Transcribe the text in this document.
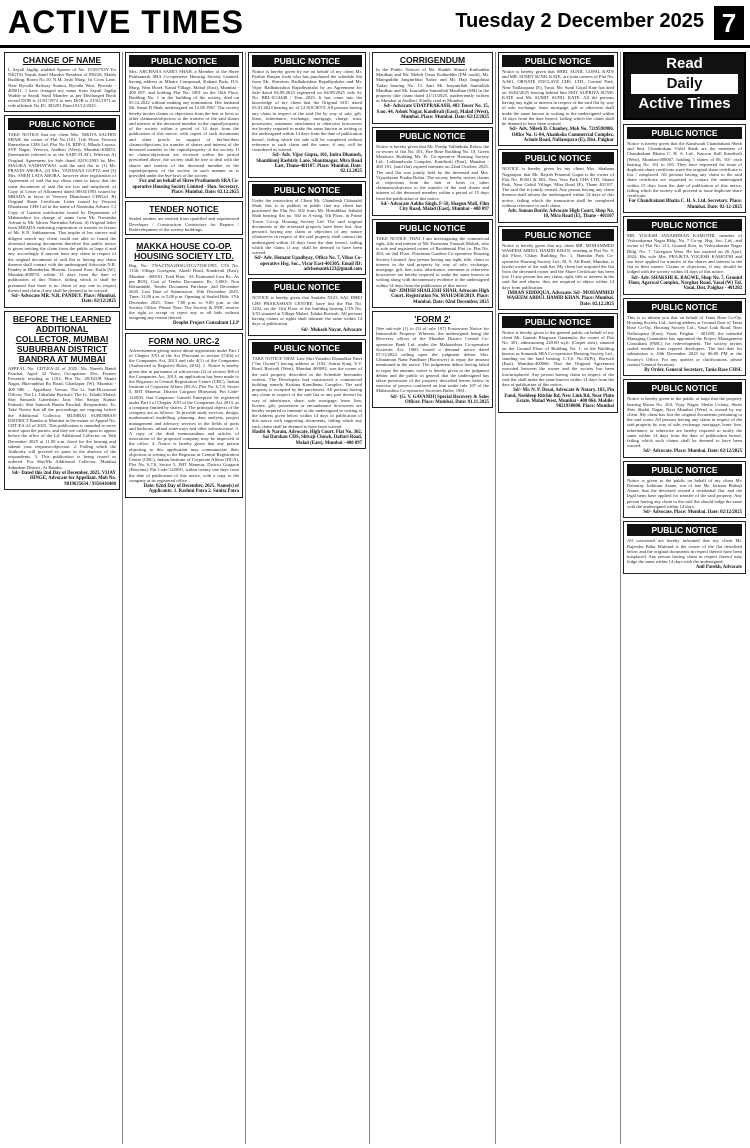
ACTIVE TIMES	Tuesday 2 December 2025 7
CHANGE OF NAME
I, Sayali Jagdip wadded Spouse of No. 15105753Y Ex NK(TS) Nayak Sunil Mandve Resident of 830/28, Malda Building, Room No.10, N.M. Joshi Marg, 1st Cross Lane, Near Byculla Railway Station, Byculla West, Pincode - 400011. I have changed my name from Sayali Jagdip Wadde to Sayali Sunil Mandve as per Discharged Book record DOB is 21/01/1972 to new DOB is 21/01/1971 as vide affidavit No EG 383291 Dated 01/12/2025.
PUBLIC NOTICE
TAKE NOTICE that my client Mrs. NIKITA SACHIN SHAH, the owner of Flat No.1101, 11th Floor, Versova Rameshwar CHS Ltd, Plot No.10, RDP-2, Mhada Layout, SVP Nagar, Versova, Andheri (West), Mumbai-400053, (hereinafter referred to as the SAID FLAT). Whereas A) Original Agreement for Sale dated 02/01/2003 by Mrs. MALIKA SADHAYWAL sold the said flat to (1) Mr. PRAVIN ARORA, (2) Mrs. VANDANA GUPTA and (3) Mrs. SNEH LATA ARORA, however after registration of Agreement of said flat my client came to know that the some documents of said flat are lost and misplaced. a) Copy of Letter of Allotment dated 08/04/1993 issued by MHADA in favor of Versova Dhanlaxmi CHSLtd. B) Original Share Certificate Letter issued by Versova Dhanlaxmi CHS Ltd in the name of Narsimha Advani. C) Copy of Gazette notification issued by Department of Maharashtra for change of name from Mr. Narsimha Advani to Mr. Ishwar Narsimha Advani. d) Original letter from MHADA endorsing registration of transfer in favour of Mr. K.N. Subbaraman. That inspite of her sincere and diligent search my client could not able to found the aforesaid missing documents therefore this public notice is given inviting the claim from the public at large if and any, accordingly if anyone have any claim in respect of the original documents of said flat or having any claim thereon shall contact with the undersigned Advocate N.R. Pandey at Bhandarkar Bhavan, Ground floor, Kurla (W), Mumbai-400070, within 15 days from the date of publication of this Notice, failing which it shall be presumed that there is no claim of any one in respect thereof and claim if any shall be deemed to be waived.
Sd/- Advocate MR. N.R. PANDEY. Place: Mumbai. Date: 02/12/2025
BEFORE THE LEARNED ADDITIONAL COLLECTOR, MUMBAI SUBURBAN DISTRICT BANDRA AT MUMBAI
APPEAL No. CDT/EA-22 of 2025. Mr. Naresh Bandi Panchal, Aged: 32 Years, Occupation: Doc. Former Presently residing at 1102, Plot No. 28/103/B Shanti Nagar, Bhavanbhai Ro Road, Ghatkopar (W), Mumbai - 400 086 ... Appellant. Versus: The Lt. Sub-Divisional Officer; The Lt. Tahsildar Borivali; The Lt. Talathi Malad; Shri Samarth Ganeshrao Jain; Shri Sanjay Kumar Prakash; Shri Santosh Bandu Panchal; Respondents. To, Take Notice that all the proceedings are ongoing before the Additional Collector, MUMBAI SUBURBAN DISTRICT Bandra at Mumbai in the matter of Appeal No. CDT/EA-22 of 2025. This publication is intended to serve notice upon the parties, and they are called upon to appear before the office of the Ld. Additional Collector on 16th December 2025 at 11.00 a.m. fixed for the hearing and submit your response/objection. 2. Failing which the Authority will proceed ex parte in the absence of the respondents. 3. This publication is being issued as ordered. For Shri/Ms Additional Collector, Mumbai Suburban District, At Bandra.
Sd/- Dated this 2nd Day of December, 2025. VIJAY HINGE, Advocate for Appellant. Mob No. 9819635634 / 9356416400
PUBLIC NOTICE
Mrs. ARCHANA SAMIT SHAH, a Member of the Shree Prathamesh SRA Co-operative Housing Society Limited, having address at Mhatre Compound, Kokani Pada, D.S. Marg, Near Hotel, Kanal Village, Malad (East), Mumbai - 400 097, and holding Flat No. 1001 on the 10th Floor, Building No. 1 in the building of the society, died on 05.12.2022 without making any nomination. Her husband Mr. Samit B Shah, undersigned on 12.08.1967. The society hereby invites claims or objections from the heir or heirs or other claimants/objectors to the transfer of the said shares and interest of the deceased member in the capital/property of the society within a period of 14 days from the publication of this notice, with copies of such documents and other proofs in support of his/her/their claims/objections for transfer of shares and interest of the deceased member in the capital/property of the society. If no claims/objections are received within the period prescribed above, the society shall be free to deal with the shares and interest of the deceased member in the capital/property of the society in such manner as is provided under the bye-laws of the society.
For and on behalf of Shree Prathamesh SRA Co-operative Housing Society Limited - Hon. Secretary. Place: Mumbai. Date: 02.12.2025
TENDER NOTICE
Sealed tenders are invited from qualified and experienced Developer / Construction Contractors for Repairs / Redevelopment of the society buildings.
MAKKA HOUSE CO-OP. HOUSING SOCIETY LTD.
Reg. No.: TNA/(TNA)/HSG/(TC)/7358/1995. CTS No. 1136, Village Goregaon, Akurli Road, Kandivali (East), Mumbai - 400101. Total Flats - 43. Estimated Cost Rs.: As per BOQ. Cost of Tender Document: Rs. 5,000/- Non Refundable. Tender Document Purchase: 2nd December 2025. Last Date of Submission: 16th December 2025, Time: 11.00 a.m. to 5.00 p.m. Opening of Sealed Bids: 17th December 2025, Time: 7.00 p.m. to 9.00 p.m. at the Society Office. Please Note: The Society & PMC reserve the right to accept or reject any or all bids without assigning any reason thereof.
Droplet Project Consultant LLP
FORM NO. URC-2
Advertisement giving notice about registration under Part I of Chapter XXI of the Act [Pursuant to section 374(b) of the Companies Act, 2013 and rule 4(1) of the Companies (Authorised to Register) Rules, 2014]. 1. Notice is hereby given that in pursuance of sub-section (2) of section 366 of the Companies Act, 2013, an application has been made to the Registrar at Central Registration Centre (CRC), Indian Institute of Corporate Affairs (IICA), Plot No. 6,7,8, Sector 5, IMT Manesar, District Gurgaon (Haryana), Pin Code-122050, that Ganpatrao Ganesh Enterprise be registered under Part I of Chapter XXI of the Companies Act 2013, as a company limited by shares. 2. The principal objects of the company are as follows: To provide study services, design, mathematical modelling, planning, data analysis, project management and advisory services in the fields of ports and harbours, inland waterways and other infrastructure. 3. A copy of the draft memorandum and articles of association of the proposed company may be inspected at the office. 4. Notice is hereby given that any person objecting to this application may communicate their objection in writing to the Registrar at Central Registration Centre (CRC), Indian Institute of Corporate Affairs (IICA), Plot No. 6,7,8, Sector 5, IMT Manesar, District Gurgaon (Haryana), Pin Code-122050, within twenty one days from the date of publication of this notice, with a copy to the company at its registered office.
Date: 02nd Day of December, 2025. Name(s) of Applicants: 1. Rashmi Patra 2. Sunita Patra
PUBLIC NOTICE
Notice is hereby given by me on behalf of my client Mr. Parthiv Ranjan Joshi who has purchased the schedule flat from Mr. Shrinivas Radhakrishna Rajadhyaksha and Mr. Vijay Radhakrishna Rajadhyaksha by an Agreement for Sale dated 04.09.2023 registered on 04/09/2025 vide Sr. No. BRL-8/14448 / Year 2025. It has come into the knowledge of my client that the Original SOC dated 03.01.2023 bearing no. of 12 SOCIETY. All persons having any claim in respect of the said flat by way of sale, gift, lease, inheritance, exchange, mortgage, charge, trust, possession, easement, attachment or otherwise howsoever are hereby required to make the same known in writing to the undersigned within 14 days from the date of publication hereof, failing which the sale will be completed without reference to such claim and the same, if any, will be considered as waived.
Sd/- Adv. Vijay Gupta, 101, Indra Dhanush, Shantikunj Rashtriy Lane, Shantinagar, Mira Road East, Thane-401107. Place: Mumbai. Date: 02.12.2025
PUBLIC NOTICE
Under the instruction of Client Mr. Chandresh Chhotalal Shah, this is to publish in public that my client has purchased the Flat No. 502 from Mr. Hiteshbhai Jethalal Shah bearing flat no. 502 in A-wing, 5th Floor, in Prime Tower Co-op. Housing Society Ltd. The said original documents of the aforesaid property have been lost. Any person/s having any claim or objection of any nature whatsoever in respect of the said property shall contact the undersigned within 14 days from the date hereof, failing which the claim, if any, shall be deemed to have been waived.
Sd/- Adv. Hemant Upadhyay, Office No. 7, Vikas Co-operative Hsg. Soc., Virar East-401305. Email ID: advhemantk123@gmail.com
PUBLIC NOTICE
NOTICE is hereby given that Sunlabs NGO, SAL DHEJ CHS PRAKASHAN CENTRE, have lost the Flat No. 1202, on the 12th Floor of the building bearing CTS No. 3/53 situated at Village Malad, Taluka Borivali. All persons having claims or rights shall intimate the same within 14 days of publication.
Sd/- Mukesh Nayar, Advocate
PUBLIC NOTICE
TAKE NOTICE THAT Late Shri Vasudeo Khanolkar Patel ("the Owner") having address at 1102, Amrut Kunj, S.V. Road, Borivali (West), Mumbai 400092, was the owner of the said property described in the Schedule hereunder written. The Developers had constructed a commercial building namely Krishna Kamdhenu Complex. The said property is occupied by the purchasers. All persons having any claim in respect of the said flat or any part thereof by way of inheritance, share, sale, mortgage, lease, lien, license, gift, possession or encumbrance howsoever are hereby required to intimate to the undersigned in writing at the address given below within 14 days of publication of this notice with supporting documents, failing which any such claim shall be deemed to have been waived.
Hasibi & Narain, Advocate, High Court. Flat No. 302, Sai Darshan CHS, Shivaji Chowk, Daftari Road, Malad (East), Mumbai - 400 097
CORRIGENDUM
In the Public Notices of Mr. Shaikh Ahmad Kutbuddin Mardhan and Mr. Mehdi Umar Kutbuddin (FM north), Mr. Maingaddin Janghirbhai Yadav and Mr. Haji Jangirbhai Yadav bearing No. 13, Anri Mr. Inayatullah Samiullah Mardhan and Mr. Inuruddin Samiullah Mardhan (SM) in the property title claim dated 21/11/2025, inadvertently written as Mumbai at Andheri. Kindly read as Mumbai.
Sd/- Advocate UDAYPRAKASH, 403 Tower No. 15, S.no. 44, Ashok Nagar, Kandivali (East), Malad (West), Mumbai. Place: Mumbai. Date: 02/12/2025
PUBLIC NOTICE
Notice is hereby given that Mr. Pradip Vallabhdas Rohra, the co-owner of flat No. 101, Fire Rose Building No. 10, Green Meadows Building Mr. Ft. Co-operative Housing Society Ltd., Lokhandwala Complex, Kandivali (East), Mumbai - 400 101, (said flat) expired intestate on 22nd October, 2025. The said flat was jointly held by the deceased and Mrs. Vijayalaxmi Pradip Rohra. The society hereby invites claims or objections from the heir or heirs or other claimants/objectors to the transfer of the said shares and interest of the deceased member within a period of 15 days from the publication of this notice.
Sd/- Advocate Aabha Singh, F-50, Shagun Mall, Film City Road, Malad (East), Mumbai - 400 097
PUBLIC NOTICE
TAKE NOTICE THAT I am investigating the commercial right, title and interest of Mr. Pournima Vinayak Mohak, who is sole and registered owner of Residential Flat i.e. Flat No. 204, on 2nd Floor, Pournima Gardens Co-operative Housing Society Limited. Any person having any right, title, claim or interest in the said property by way of sale, exchange, mortgage, gift, lien, trust, inheritance, easement or otherwise howsoever are hereby required to make the same known in writing along with documentary evidence to the undersigned within 14 days from the publication of this notice.
Sd/- JIMISH SHAILESH SHAH, Advocate High Court, Registration No. MAH/2458/2019. Place: Mumbai. Date: 02nd December, 2025
'FORM 2'
[See sub-rule (1) to (3) of rule 107] Possession Notice for Immovable Property. Whereas, the undersigned being the Recovery officer of the Mumbai District Central Co-operative Bank Ltd. under the Maharashtra Co-operative Societies Act, 1960, issued a demand notice dated 07/11/2024 calling upon the judgment debtor Shri. Chintaman Nana Pandhare (Borrower) to repay the amount mentioned in the notice. The judgement debtor having failed to repay the amount, notice is hereby given to the judgment debtor and the public in general that the undersigned has taken possession of the property described herein below in exercise of powers conferred on him under rule 107 of the Maharashtra Co-operative Societies Rules, 1961.
Sd/- (G. V. GAVANDI) Special Recovery & Sales Officer. Place: Mumbai. Date: 01.11.2025
PUBLIC NOTICE
Notice is hereby given that SHRI. SUNIL GOPAL KATE and MR. SUMIT SUNIL KATE, are joint owners of Flat No. A/601, ORNATE ENCLAVE CHS. LTD., Central Park, Near Nallasopara (E), Vasai. Mr. Sunil Gopal Kate has died on 16/02/2025 leaving behind him SMT. SUPRIYA SUNIL KATE and Mr. SUMIT SUNIL KATE. All the persons having any right or interest in respect of the said flat by way of sale, exchange, lease, mortgage, gift or otherwise shall make the same known in writing to the undersigned within 14 days from the date hereof, failing which the claim shall be deemed to have been waived.
Sd/- Adv. Nilesh D. Chaubey, Mob No. 7219590986. Office No. G-04, Akanksha Commercial Complex, Achole Road, Nallasopara (E), Dist. Palghar
PUBLIC NOTICE
NOTICE is hereby given by my client Mrs. Shabana Nagarajan, that Mr. Rajesh Pranaval Gupta is the owner of Flat No. B-801 & 802, New Vera Park CHS LTD, Shanti Park, Near Gokul Village, Mira Road (E), Thane 401107. The said flat is jointly owned. Any person having any claim thereon shall inform the undersigned within 14 days of this notice, failing which the transaction shall be completed without reference to such claim.
Adv. Suman Burde, Advocate High Court, Shop No. 10, Mira Road (E), Thane - 401107
PUBLIC NOTICE
Notice is hereby given that my client MR. MOHAMMED WASEEM ABDUL HAMID KHAN, residing at Flat No. 9, 4th Floor, Chhay Building No. 1, Hamdan Park Co-operative Housing Society Ltd., M. S. Ali Road, Mumbai, is lawful owner of the said flat. My client has acquired the flat from the deceased owner and the Share Certificate has been lost. If any person has any claim, right, title or interest in the said flat and shares, they are required to object within 14 days from publication.
IMRAN SIDDIQUA, Advocate. Sd/- MOHAMMED WASEEM ABDUL HAMID KHAN. Place: Mumbai. Date: 02.12.2025
PUBLIC NOTICE
Notice is hereby given to the general public on behalf of my client Mr. Ganesh Bhagwan Ganamula, the owner of Flat No. 301, admeasuring 220.00 sq.ft. (Carpet area), situated on the Ground Floor of Building No. 1, in the Building known as Somnath SRA Co-operative Housing Society Ltd., standing on the land bearing C.T.S. No.33(Pt), Borivali (East), Mumbai-400066. That the Original Agreement executed between the owner and the society has been lost/misplaced. Any person having claim in respect of the said flat shall make the same known within 14 days from the date of publication of this notice.
Sd/- Mr. N. P. Desai, Advocate & Notary. 103, Pin Fund, Neeldeep Ritchie Rd, New Link Rd, Near Pinto Estate, Malad West, Mumbai - 400 064. Mobile: 9821930000. Place: Mumbai
PUBLIC NOTICE
Notice is hereby given that the Kantiwadi Chandrakant Sheth and Smt. Chandrakant Virlal Sheth are the members of Chandrakant Bhatia C. H. S. Ltd., Kanwar Kall Kandivali (West), Mumbai-400067, holding 5 shares of Rs. 50/- each bearing No. 161 to 165. They have requested for issue of duplicate share certificate since the original share certificate is lost / misplaced. All persons having any claim to the said share certificate are requested to contact the undersigned within 15 days from the date of publication of this notice, failing which the society will proceed to issue duplicate share certificate.
For Chandrakant Bhatia C. H. S. Ltd. Secretary. Place: Mumbai. Date: 02-12-2025
PUBLIC NOTICE
MR. YOGESH JANARDHAN KAMOTHI, member of Vishwakarma Nagar Bldg. No. 7 Co-op. Hsg. Soc. Ltd., and owner of Flat No. 213, Ground floor, in Vishwakarma Nagar Bldg. No. 7, Goregaon West. He has expired on 26 April, 2024. His wife Mrs. PRAJKTA YOGESH KAMOTHI and son have applied for transfer of the shares and interest in the flat in their names. Claims or objections, if any, should be lodged with the society within 14 days of this notice.
Sd/- Adv. SHAKSHI K. BAGWE, Shop No. 7, Ground Floor, Agarwal Complex, Navghar Road, Vasai (W) Tal. Vasai, Dist. Palghar - 401202
PUBLIC NOTICE
This is to inform you that on behalf of Tania Rose Co-Op. Housing Society Ltd., having address at Ground floor of Tania Rose Co-Op. Housing Society Ltd., Vasai Link Road, Near Nallasopara (East), Vasai, Palghar - 401209, the intended Managing Committee has appointed the Project Management Consultant (PMC) for redevelopment. The society invites sealed tenders from reputed developers. The last date for submission is 10th December 2025 by 06:00 PM at the Society's Office. For any queries or clarifications, please contact General Secretary.
By Order, General Secretary, Tania Rose CHSL
PUBLIC NOTICE
Notice is hereby given to the public at large that the property bearing Room No. 204, Vijay Nagar, Shelar Colony, Shree Shiv Shakti Nagar, Navi Mumbai (West) is owned by my client. My client has lost the original documents pertaining to the said room. All persons having any claim in respect of the said property by way of sale, exchange, mortgage, lease, lien, inheritance or otherwise are hereby required to notify the same within 14 days from the date of publication hereof, failing which such claims shall be deemed to have been waived.
Sd/- Advocate. Place: Mumbai. Date: 02/12/2025
PUBLIC NOTICE
Notice is given to the public on behalf of my client Mr. Dattatray Jothiram Asane, son of late Mr. Jotiram Bhikaji Asane, that the deceased owned a residential flat, and the legal heirs have applied for transfer of the said property. Any person having any claim to the said flat should lodge the same with the undersigned within 14 days.
Sd/- Advocate. Place: Mumbai. Date: 02/12/2025
PUBLIC NOTICE
All concerned are hereby informed that my client Mr. Rajendra Babu Mukund is the owner of the flat described below and the original documents in respect thereof have been misplaced. Any person having claim in respect thereof may lodge the same within 14 days with the undersigned.
Anil Parekh, Advocate
Read
Daily
Active Times
